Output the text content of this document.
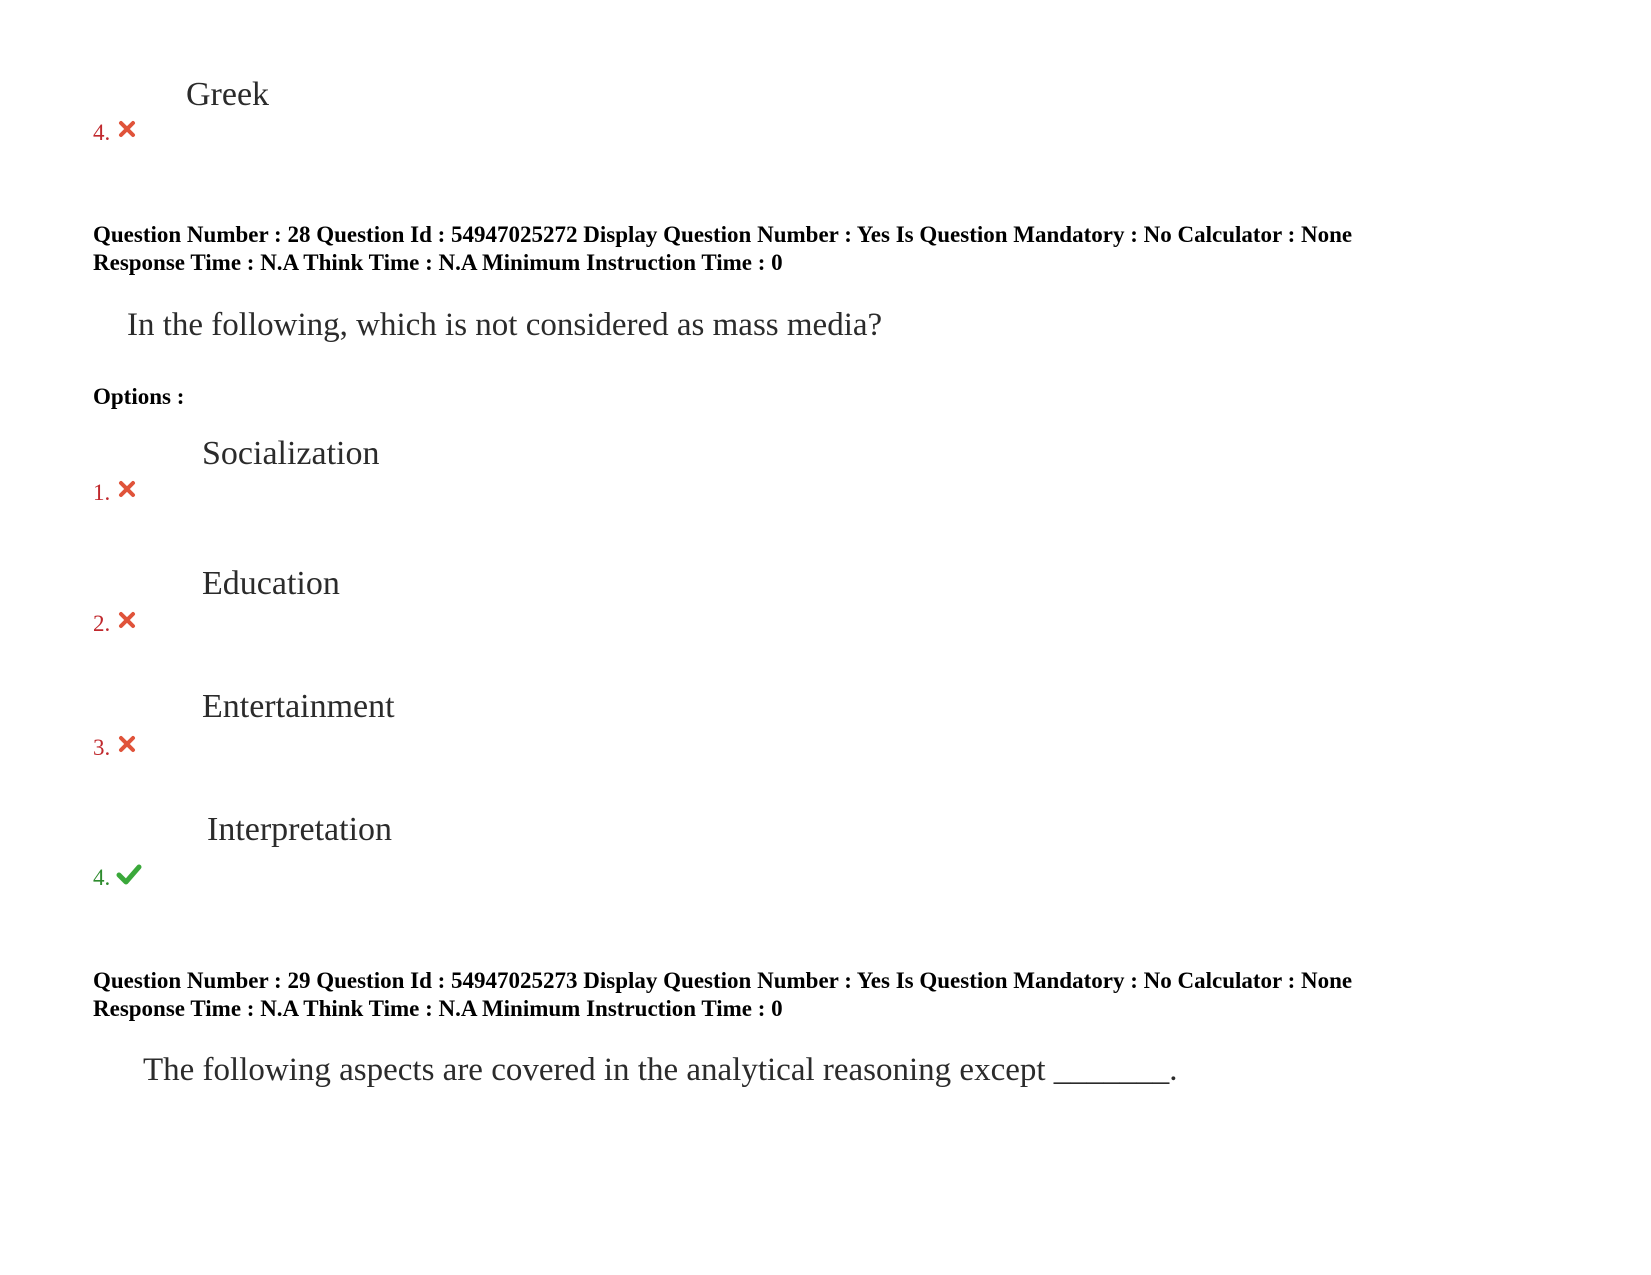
Greek
4.
Question Number : 28 Question Id : 54947025272 Display Question Number : Yes Is Question Mandatory : No Calculator : None
Response Time : N.A Think Time : N.A Minimum Instruction Time : 0
In the following, which is not considered as mass media?
Options :
Socialization
1.
Education
2.
Entertainment
3.
Interpretation
4.
Question Number : 29 Question Id : 54947025273 Display Question Number : Yes Is Question Mandatory : No Calculator : None
Response Time : N.A Think Time : N.A Minimum Instruction Time : 0
The following aspects are covered in the analytical reasoning except _______.
